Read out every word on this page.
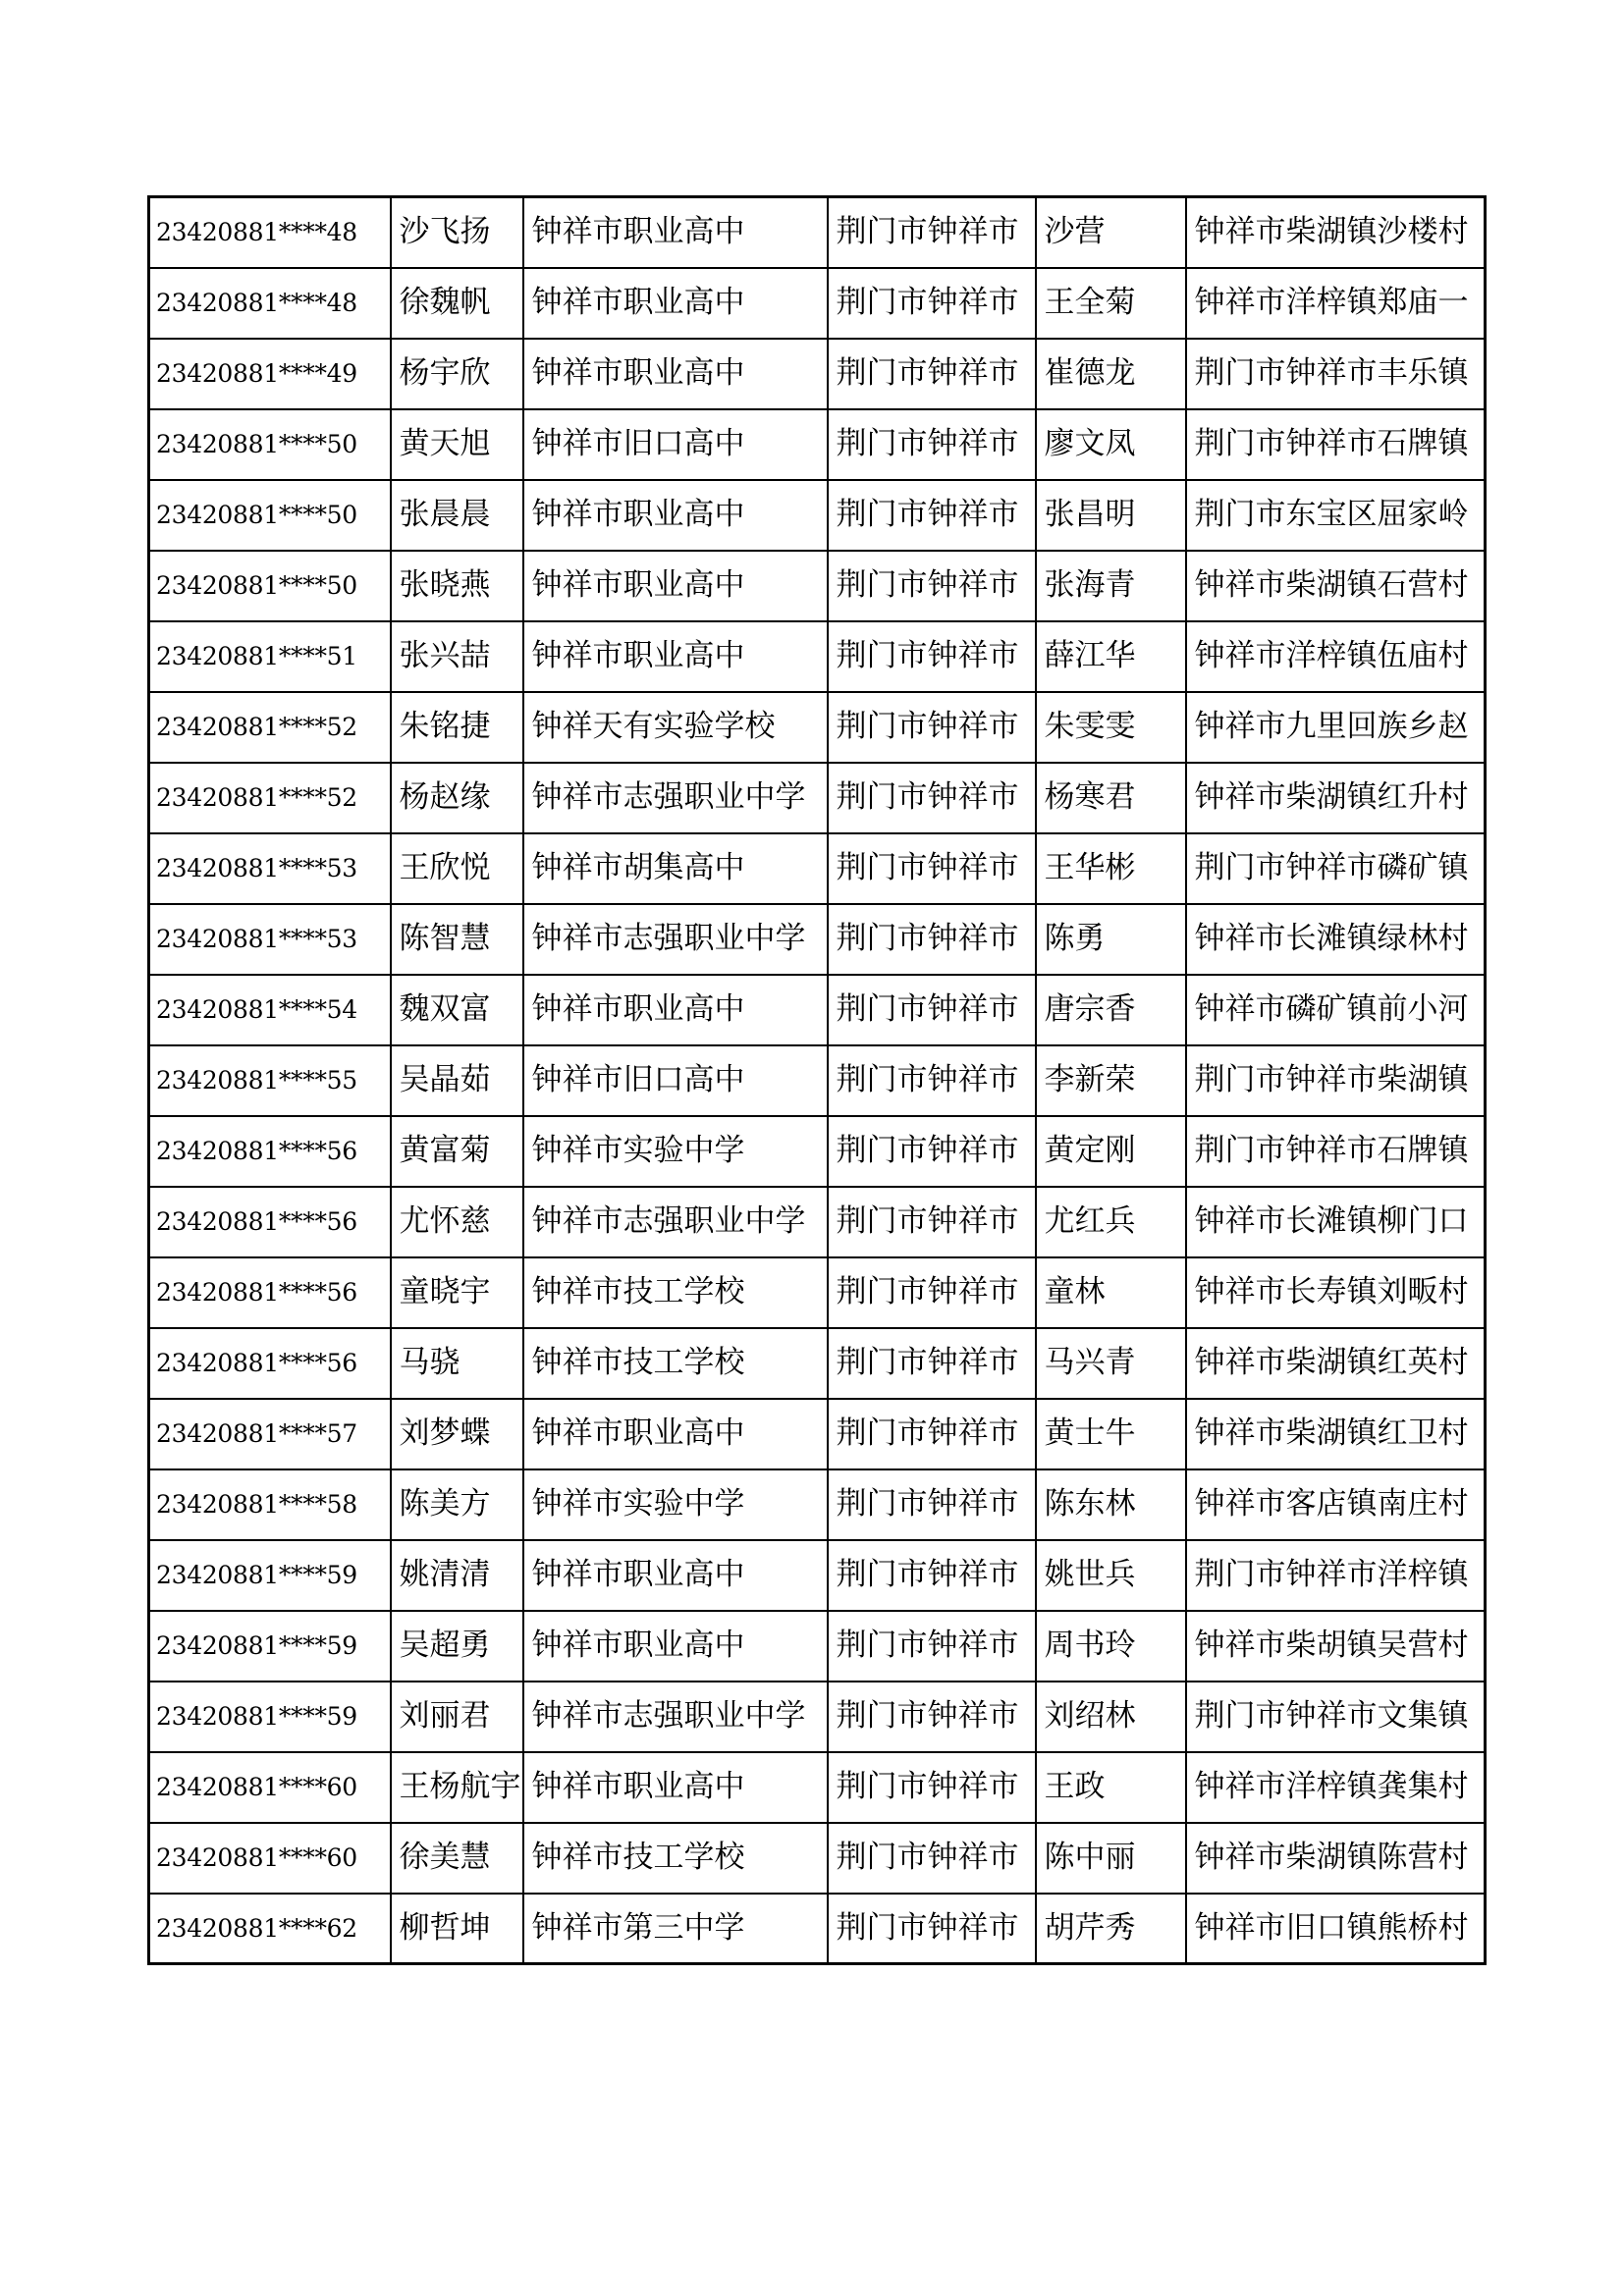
23420881****48	沙飞扬	钟祥市职业高中	荆门市钟祥市	沙营	钟祥市柴湖镇沙楼村
23420881****48	徐魏帆	钟祥市职业高中	荆门市钟祥市	王全菊	钟祥市洋梓镇郑庙一
23420881****49	杨宇欣	钟祥市职业高中	荆门市钟祥市	崔德龙	荆门市钟祥市丰乐镇
23420881****50	黄天旭	钟祥市旧口高中	荆门市钟祥市	廖文凤	荆门市钟祥市石牌镇
23420881****50	张晨晨	钟祥市职业高中	荆门市钟祥市	张昌明	荆门市东宝区屈家岭
23420881****50	张晓燕	钟祥市职业高中	荆门市钟祥市	张海青	钟祥市柴湖镇石营村
23420881****51	张兴喆	钟祥市职业高中	荆门市钟祥市	薛江华	钟祥市洋梓镇伍庙村
23420881****52	朱铭捷	钟祥天有实验学校	荆门市钟祥市	朱雯雯	钟祥市九里回族乡赵
23420881****52	杨赵缘	钟祥市志强职业中学	荆门市钟祥市	杨寒君	钟祥市柴湖镇红升村
23420881****53	王欣悦	钟祥市胡集高中	荆门市钟祥市	王华彬	荆门市钟祥市磷矿镇
23420881****53	陈智慧	钟祥市志强职业中学	荆门市钟祥市	陈勇	钟祥市长滩镇绿林村
23420881****54	魏双富	钟祥市职业高中	荆门市钟祥市	唐宗香	钟祥市磷矿镇前小河
23420881****55	吴晶茹	钟祥市旧口高中	荆门市钟祥市	李新荣	荆门市钟祥市柴湖镇
23420881****56	黄富菊	钟祥市实验中学	荆门市钟祥市	黄定刚	荆门市钟祥市石牌镇
23420881****56	尤怀慈	钟祥市志强职业中学	荆门市钟祥市	尤红兵	钟祥市长滩镇柳门口
23420881****56	童晓宇	钟祥市技工学校	荆门市钟祥市	童林	钟祥市长寿镇刘畈村
23420881****56	马骁	钟祥市技工学校	荆门市钟祥市	马兴青	钟祥市柴湖镇红英村
23420881****57	刘梦蝶	钟祥市职业高中	荆门市钟祥市	黄士牛	钟祥市柴湖镇红卫村
23420881****58	陈美方	钟祥市实验中学	荆门市钟祥市	陈东林	钟祥市客店镇南庄村
23420881****59	姚清清	钟祥市职业高中	荆门市钟祥市	姚世兵	荆门市钟祥市洋梓镇
23420881****59	吴超勇	钟祥市职业高中	荆门市钟祥市	周书玲	钟祥市柴胡镇吴营村
23420881****59	刘丽君	钟祥市志强职业中学	荆门市钟祥市	刘绍林	荆门市钟祥市文集镇
23420881****60	王杨航宇	钟祥市职业高中	荆门市钟祥市	王政	钟祥市洋梓镇龚集村
23420881****60	徐美慧	钟祥市技工学校	荆门市钟祥市	陈中丽	钟祥市柴湖镇陈营村
23420881****62	柳哲坤	钟祥市第三中学	荆门市钟祥市	胡芹秀	钟祥市旧口镇熊桥村
